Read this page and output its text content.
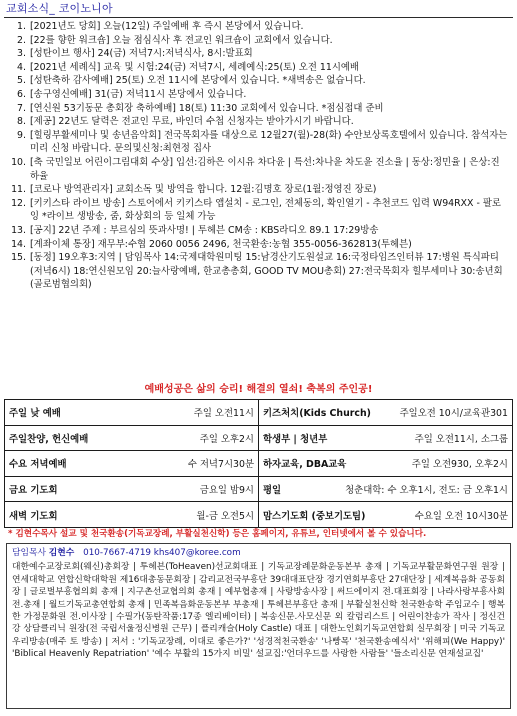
교회소식_ 코이노니아
1. [2021년도 당회] 오늘(12일) 주일예배 후 즉시 본당에서 있습니다.
2. [22를 향한 워크숍] 오늘 점심식사 후 전교인 워크숍이 교회에서 있습니다.
3. [성탄이브 행사] 24(금) 저녁7시:저녁식사, 8시:발표회
4. [2021년 세례식] 교육 및 시험:24(금) 저녁7시, 세례예식:25(토) 오전 11시예배
5. [성탄축하 감사예배] 25(토) 오전 11시에 본당에서 있습니다. *새벽송은 없습니다.
6. [송구영신예배] 31(금) 저녁11시 본당에서 있습니다.
7. [연신원 53기동문 총회장 축하예배] 18(토) 11:30 교회에서 있습니다. *점심접대 준비
8. [제공] 22년도 달력은 전교인 무료, 바인더 수첩 신청자는 받아가시기 바랍니다.
9. [힐링부활세미나 및 송년음악회] 전국목회자를 대상으로 12월27(월)-28(화) 수안보상록호텔에서 있습니다. 참석자는 미리 신청 바랍니다. 문의및신청:최현정 집사
10. [축 국민일보 어린이그림대회 수상] 입선:김하은 이시유 차다윤 | 특선:차나윤 차도윤 진소율 | 동상:정민율 | 은상:진하율
11. [코로나 방역관리자] 교회소독 및 방역을 합니다. 12월:김명호 장로(1월:정영진 장로)
12. [키키스타 라이브 방송] 스토어에서 키키스타 앱설치 - 로그인, 전체동의, 확인열기 - 추천코드 입력 W94RXX - 팔로잉 *라이브 생방송, 줌, 화상회의 등 일체 가능
13. [공지] 22년 주제 : 부르심의 뜻과사명! | 투헤븐 CM송 : KBS라디오 89.1 17:29방송
14. [계좌이체 통장] 재무부:수협 2060 0056 2496, 천국환송:농협 355-0056-362813(투헤븐)
15. [동정] 19오후3:지역 | 담임목사 14:국제대학원미팅 15:남경산기도원설교 16:국정타임즈인터뷰 17:병원 특식파티(저녁6시) 18:연신원모임 20:늘사랑예배, 한교총총회, GOOD TV MOU총회) 27:전국목회자 힐부세미나 30:송년회(골로범협의회)
예배성공은 삶의 승리! 해결의 열쇠! 축복의 주인공!
주일 낮 예배 주일 오전11시	키즈처치(Kids Church) 주일오전 10시/교육관301

주일찬양, 헌신예배 주일 오후2시	학생부 | 청년부 주일 오전11시, 소그룹

수요 저녁예배 수 저녁7시30분	하자교육, DBA교육 주일 오전930, 오후2시

금요 기도회 금요일 밤9시	평일 청춘대학: 수 오후1시, 전도: 금 오후1시

새벽 기도회 월-금 오전5시	맘스기도회 (중보기도팀) 수요일 오전 10시30분
* 김현수목사 설교 및 천국환송(기독교장례, 부활실천신학) 등은 홈페이지, 유튜브, 인터넷에서 볼 수 있습니다.
담임목사 김현수 010-7667-4719 khs407@koree.com
대한예수교장로회(웨신)총회장 | 투헤븐(ToHeaven)선교회대표 | 기독교장례문화운동본부 총재 | 기독교부활문화연구원 원장 | 연세대학교 연합신학대학원 제16대총동문회장 | 감리교전국부흥단 39대대표단장 경기연회부흥단 27대단장 | 세계복음화 공동회장 | 글로벌부흥협의회 총재 | 지구촌선교협의회 총재 | 예부협총재 | 사랑방송사장 | 써드에이지 전.대표회장 | 나라사랑부흥사회 전.총재 | 월드기독교총연합회 총재 | 민족복음화운동본부 부총재 | 투헤븐부흥단 총재 | 부활실천신학 천국환송학 주임교수 | 행복한 가정문화원 전.이사장 | 수필가(동탄작품:17종 엘리베이터) | 북송신문.사모신문 외 칼럼리스트 | 어린이찬송가 작사 | 정신건강 상담클리닉 원장(전 국립서울정신병원 근무) | 플리캐슬(Holy Castle) 대표 | 대한노인회기독교연합회 실무회장 | 미국 기독교 우리방송(매주 토 방송) | 저서 : '기독교장례, 이대로 좋은가?' '성경적천국환송' '나빵목' '천국환송예식서' '위해피(We Happy)' 'Biblical Heavenly Repatriation' '예수 부활의 15가지 비밀' 설교집:'언더우드를 사랑한 사람들' '들소리신문 연재설교집'
